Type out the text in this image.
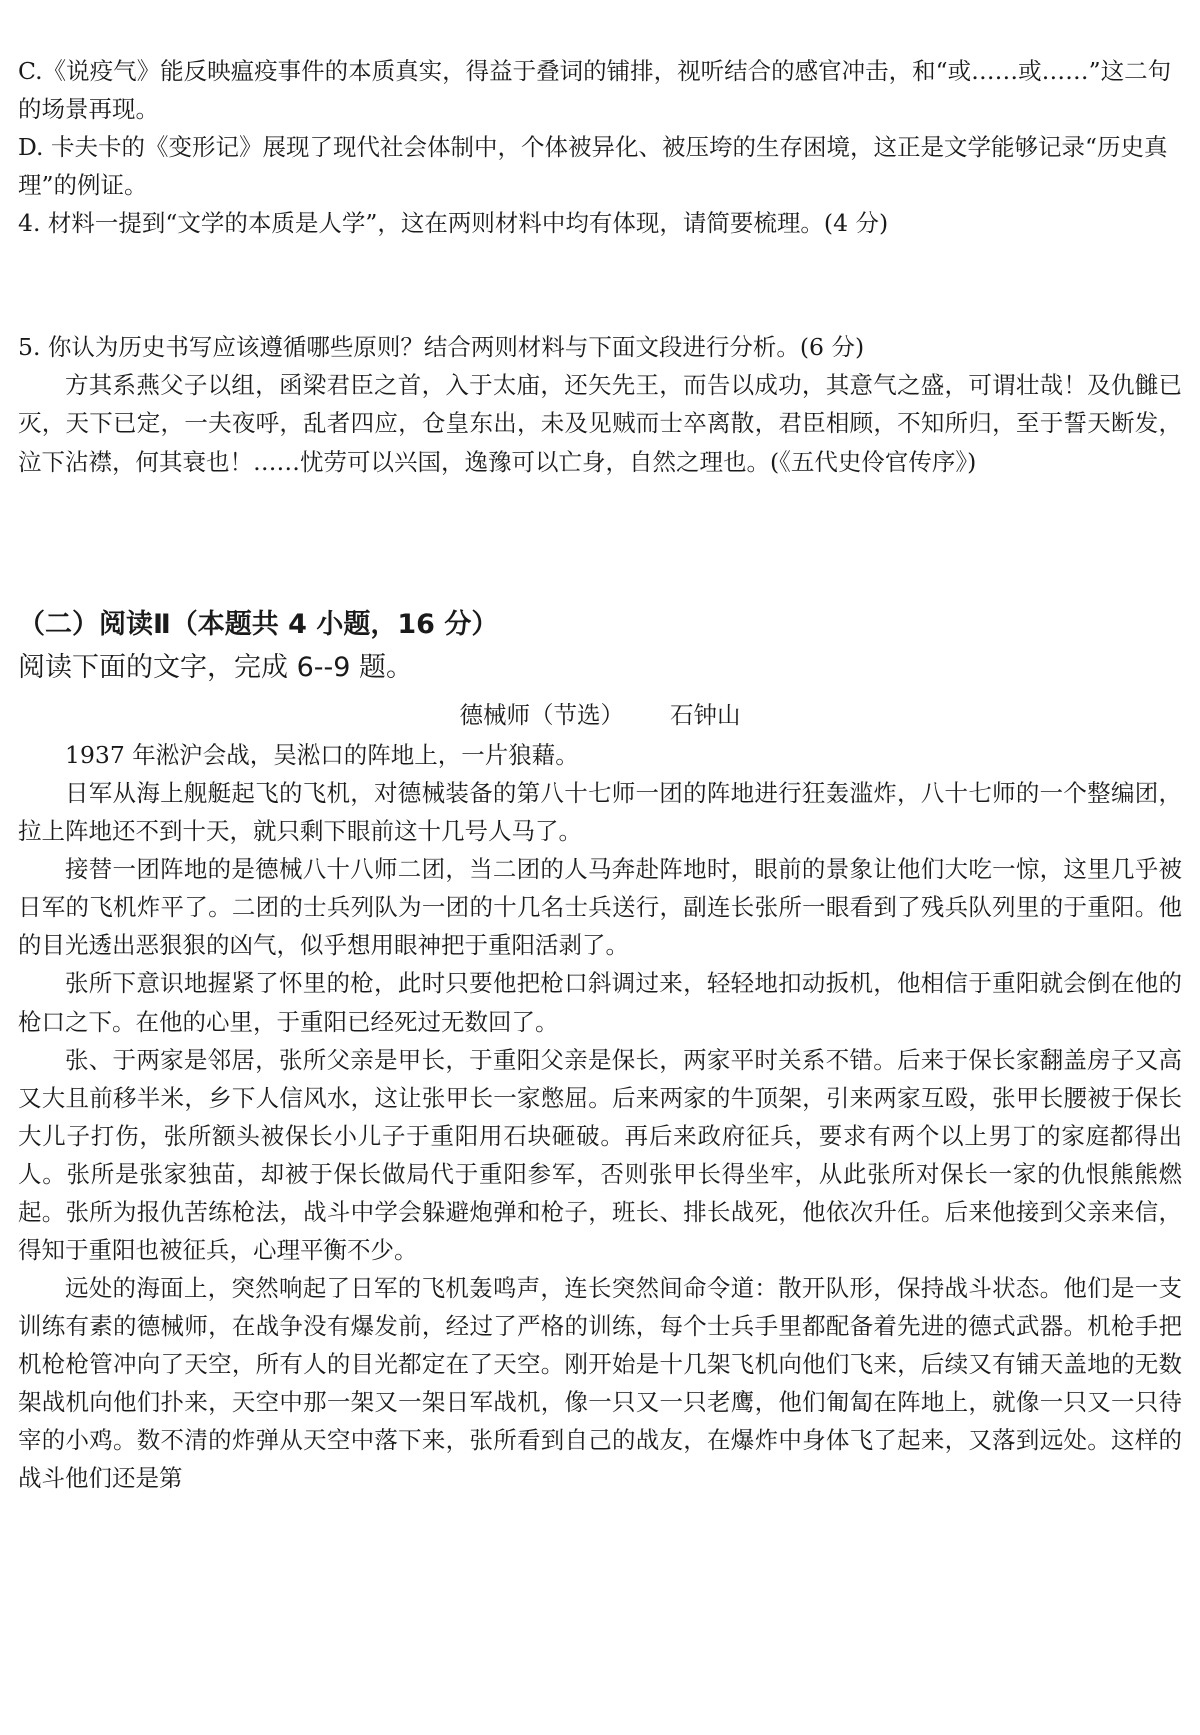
C.《说疫气》能反映瘟疫事件的本质真实，得益于叠词的铺排，视听结合的感官冲击，和“或……或……”这二句的场景再现。

D. 卡夫卡的《变形记》展现了现代社会体制中，个体被异化、被压垮的生存困境，这正是文学能够记录“历史真理”的例证。

4. 材料一提到“文学的本质是人学”，这在两则材料中均有体现，请简要梳理。(4 分)

5. 你认为历史书写应该遵循哪些原则？结合两则材料与下面文段进行分析。(6 分)

方其系燕父子以组，函梁君臣之首，入于太庙，还矢先王，而告以成功，其意气之盛，可谓壮哉！及仇雠已灭，天下已定，一夫夜呼，乱者四应，仓皇东出，未及见贼而士卒离散，君臣相顾，不知所归，至于誓天断发，泣下沾襟，何其衰也！……忧劳可以兴国，逸豫可以亡身，自然之理也。(《五代史伶官传序》)

（二）阅读Ⅱ（本题共 4 小题，16 分）

阅读下面的文字，完成 6--9 题。

德械师（节选） 石钟山

1937 年淞沪会战，吴淞口的阵地上，一片狼藉。

日军从海上舰艇起飞的飞机，对德械装备的第八十七师一团的阵地进行狂轰滥炸，八十七师的一个整编团，拉上阵地还不到十天，就只剩下眼前这十几号人马了。

接替一团阵地的是德械八十八师二团，当二团的人马奔赴阵地时，眼前的景象让他们大吃一惊，这里几乎被日军的飞机炸平了。二团的士兵列队为一团的十几名士兵送行，副连长张所一眼看到了残兵队列里的于重阳。他的目光透出恶狠狠的凶气，似乎想用眼神把于重阳活剥了。

张所下意识地握紧了怀里的枪，此时只要他把枪口斜调过来，轻轻地扣动扳机，他相信于重阳就会倒在他的枪口之下。在他的心里，于重阳已经死过无数回了。

张、于两家是邻居，张所父亲是甲长，于重阳父亲是保长，两家平时关系不错。后来于保长家翻盖房子又高又大且前移半米，乡下人信风水，这让张甲长一家憋屈。后来两家的牛顶架，引来两家互殴，张甲长腰被于保长大儿子打伤，张所额头被保长小儿子于重阳用石块砸破。再后来政府征兵，要求有两个以上男丁的家庭都得出人。张所是张家独苗，却被于保长做局代于重阳参军，否则张甲长得坐牢，从此张所对保长一家的仇恨熊熊燃起。张所为报仇苦练枪法，战斗中学会躲避炮弹和枪子，班长、排长战死，他依次升任。后来他接到父亲来信，得知于重阳也被征兵，心理平衡不少。

远处的海面上，突然响起了日军的飞机轰鸣声，连长突然间命令道：散开队形，保持战斗状态。他们是一支训练有素的德械师，在战争没有爆发前，经过了严格的训练，每个士兵手里都配备着先进的德式武器。机枪手把机枪枪管冲向了天空，所有人的目光都定在了天空。刚开始是十几架飞机向他们飞来，后续又有铺天盖地的无数架战机向他们扑来，天空中那一架又一架日军战机，像一只又一只老鹰，他们匍匐在阵地上，就像一只又一只待宰的小鸡。数不清的炸弹从天空中落下来，张所看到自己的战友，在爆炸中身体飞了起来，又落到远处。这样的战斗他们还是第
